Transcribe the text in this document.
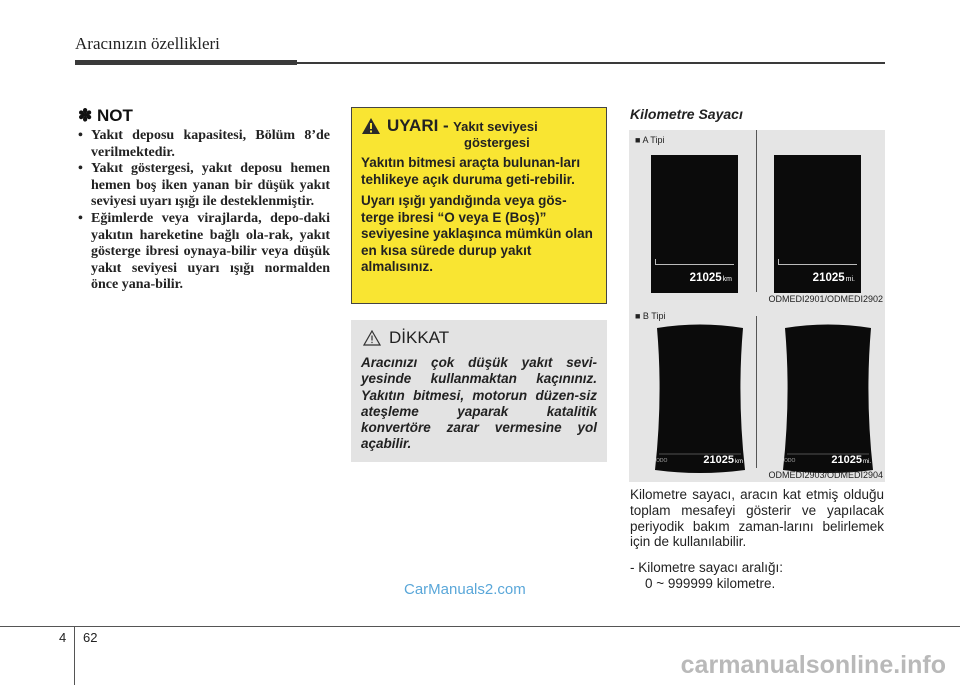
Aracınızın özellikleri
✽ NOT
• Yakıt deposu kapasitesi, Bölüm 8’de verilmektedir.
• Yakıt göstergesi, yakıt deposu hemen hemen boş iken yanan bir düşük yakıt seviyesi uyarı ışığı ile desteklenmiştir.
• Eğimlerde veya virajlarda, depo-daki yakıtın hareketine bağlı ola-rak, yakıt gösterge ibresi oynaya-bilir veya düşük yakıt seviyesi uyarı ışığı normalden önce yana-bilir.
UYARI - Yakıt seviyesi
göstergesi

Yakıtın bitmesi araçta bulunan-ları tehlikeye açık duruma geti-rebilir.

Uyarı ışığı yandığında veya gös-terge ibresi “O veya E (Boş)” seviyesine yaklaşınca mümkün olan en kısa sürede durup yakıt almalısınız.

DİKKAT
Aracınızı çok düşük yakıt sevi-yesinde kullanmaktan kaçınınız. Yakıtın bitmesi, motorun düzen-siz ateşleme yaparak katalitik konvertöre zarar vermesine yol açabilir.
Kilometre Sayacı
■ A Tipi
21025km	21025mi.
ODMEDI2901/ODMEDI2902
■ B Tipi
ODO	21025km	ODO	21025mi.
ODMEDI2903/ODMEDI2904

Kilometre sayacı, aracın kat etmiş olduğu toplam mesafeyi gösterir ve yapılacak periyodik bakım zaman-larını belirlemek için de kullanılabilir.

- Kilometre sayacı aralığı:
0 ~ 999999 kilometre.
CarManuals2.com
4 62
carmanualsonline.info
